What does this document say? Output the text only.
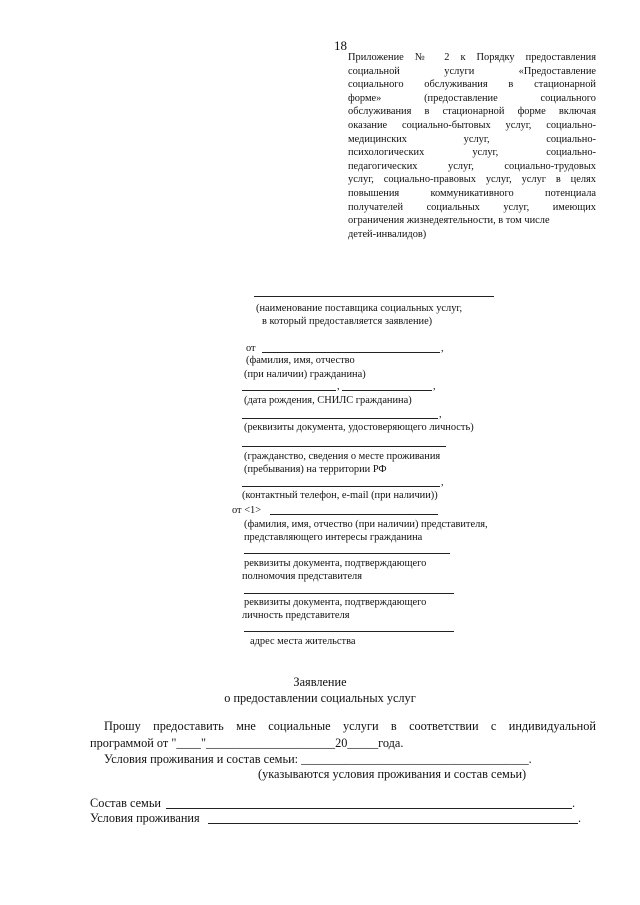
18
Приложение № 2 к Порядку предоставления
социальной услуги «Предоставление
социального обслуживания в стационарной
форме» (предоставление социального
обслуживания в стационарной форме включая
оказание социально-бытовых услуг, социально-
медицинских услуг, социально-
психологических услуг, социально-
педагогических услуг, социально-трудовых
услуг, социально-правовых услуг, услуг в целях
повышения коммуникативного потенциала
получателей социальных услуг, имеющих
ограничения жизнедеятельности, в том числе
детей-инвалидов)
(наименование поставщика социальных услуг,
в который предоставляется заявление)
от	,
(фамилия, имя, отчество
(при наличии) гражданина)
,	,
(дата рождения, СНИЛС гражданина)
,
(реквизиты документа, удостоверяющего личность)
(гражданство, сведения о месте проживания
(пребывания) на территории РФ
,
(контактный телефон, e-mail (при наличии))
от <1>
(фамилия, имя, отчество (при наличии) представителя,
представляющего интересы гражданина
реквизиты документа, подтверждающего
полномочия представителя
реквизиты документа, подтверждающего
личность представителя
адрес места жительства
Заявление
о предоставлении социальных услуг
Прошу предоставить мне социальные услуги в соответствии с индивидуальной
программой от "____"_____________________20_____года.
Условия проживания и состав семьи: _____________________________________.
(указываются условия проживания и состав семьи)
Состав семьи	.
Условия проживания	.
